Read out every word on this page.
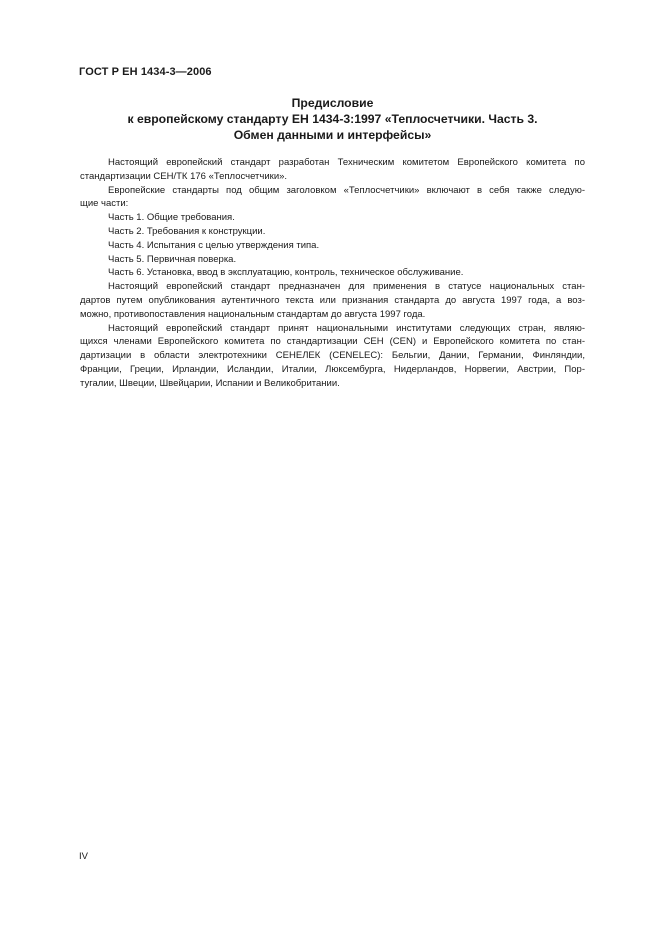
ГОСТ Р ЕН 1434-3—2006
Предисловие
к европейскому стандарту ЕН 1434-3:1997 «Теплосчетчики. Часть 3.
Обмен данными и интерфейсы»
Настоящий европейский стандарт разработан Техническим комитетом Европейского комитета по
стандартизации СЕН/ТК 176 «Теплосчетчики».
Европейские стандарты под общим заголовком «Теплосчетчики» включают в себя также следую-
щие части:
Часть 1. Общие требования.
Часть 2. Требования к конструкции.
Часть 4. Испытания с целью утверждения типа.
Часть 5. Первичная поверка.
Часть 6. Установка, ввод в эксплуатацию, контроль, техническое обслуживание.
Настоящий европейский стандарт предназначен для применения в статусе национальных стан-
дартов путем опубликования аутентичного текста или признания стандарта до августа 1997 года, а воз-
можно, противопоставления национальным стандартам до августа 1997 года.
Настоящий европейский стандарт принят национальными институтами следующих стран, являю-
щихся членами Европейского комитета по стандартизации СЕН (CEN) и Европейского комитета по стан-
дартизации в области электротехники СЕНЕЛЕК (CENELEC): Бельгии, Дании, Германии, Финляндии,
Франции, Греции, Ирландии, Исландии, Италии, Люксембурга, Нидерландов, Норвегии, Австрии, Пор-
тугалии, Швеции, Швейцарии, Испании и Великобритании.
IV
